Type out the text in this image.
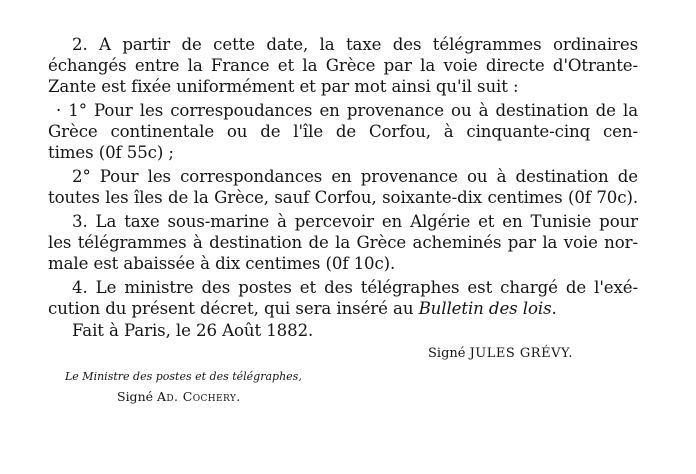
2. A partir de cette date, la taxe des télégrammes ordinaires
échangés entre la France et la Grèce par la voie directe d'Otrante-
Zante est fixée uniformément et par mot ainsi qu'il suit :
· 1° Pour les correspoudances en provenance ou à destination de la
Grèce continentale ou de l'île de Corfou, à cinquante-cinq cen-
times (0f 55c) ;
2° Pour les correspondances en provenance ou à destination de
toutes les îles de la Grèce, sauf Corfou, soixante-dix centimes (0f 70c).
3. La taxe sous-marine à percevoir en Algérie et en Tunisie pour
les télégrammes à destination de la Grèce acheminés par la voie nor-
male est abaissée à dix centimes (0f 10c).
4. Le ministre des postes et des télégraphes est chargé de l'exé-
cution du présent décret, qui sera inséré au Bulletin des lois.
Fait à Paris, le 26 Août 1882.
Signé JULES GRÉVY.
Le Ministre des postes et des télégraphes,
Signé Ad. Cochery.
